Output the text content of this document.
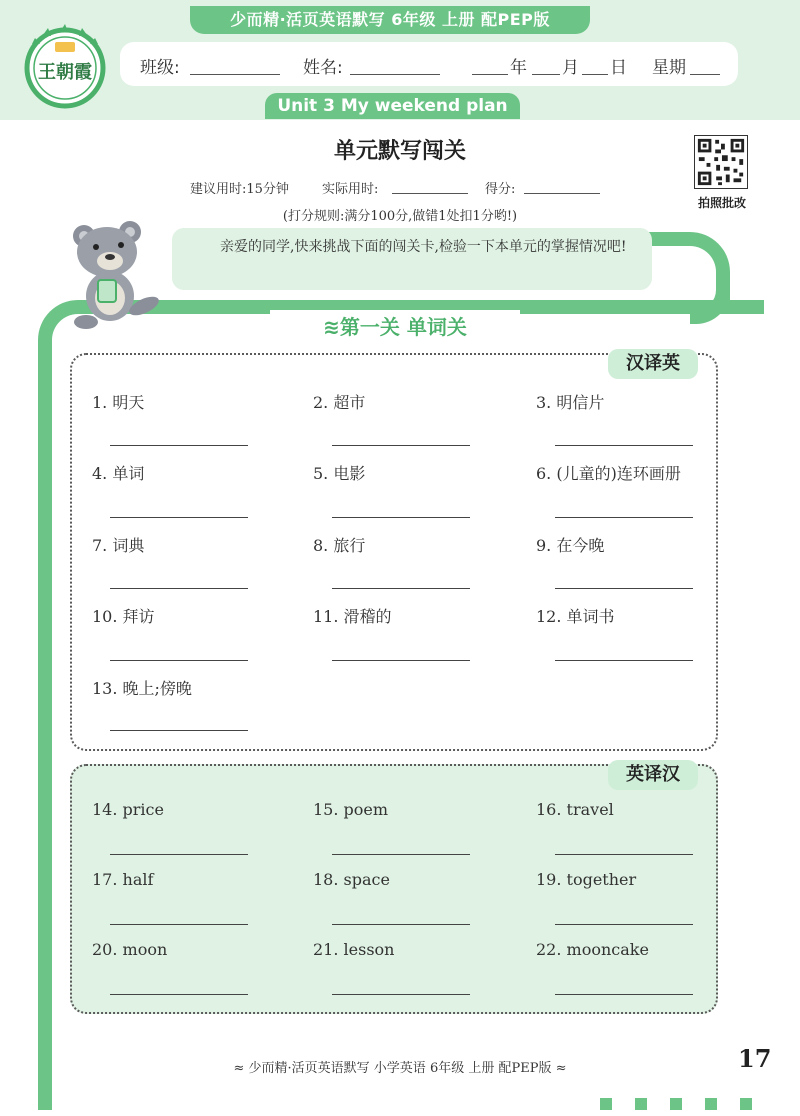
少而精·活页英语默写 6年级 上册 配PEP版
王朝霞	班级:	姓名:	年 月 日 星期
Unit 3 My weekend plan
单元默写闯关
建议用时:15分钟	实际用时:	得分:
(打分规则:满分100分,做错1处扣1分哟!)
拍照批改
亲爱的同学,快来挑战下面的闯关卡,检验一下本单元的掌握情况吧!
≋第一关 单词关
汉译英
1. 明天	2. 超市	3. 明信片
4. 单词	5. 电影	6. (儿童的)连环画册
7. 词典	8. 旅行	9. 在今晚
10. 拜访	11. 滑稽的	12. 单词书
13. 晚上;傍晚
英译汉
14. price	15. poem	16. travel
17. half	18. space	19. together
20. moon	21. lesson	22. mooncake
≈ 少而精·活页英语默写 小学英语 6年级 上册 配PEP版 ≈	17
